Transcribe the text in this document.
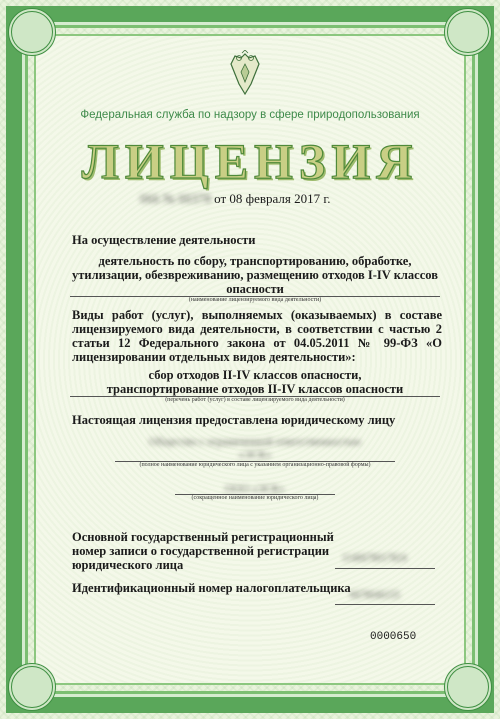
Федеральная служба по надзору в сфере природопользования
ЛИЦЕНЗИЯ
066 № 00378 от 08 февраля 2017 г.
На осуществление деятельности
деятельность по сбору, транспортированию, обработке, утилизации, обезвреживанию, размещению отходов I-IV классов опасности
(наименование лицензируемого вида деятельности)
Виды работ (услуг), выполняемых (оказываемых) в составе лицензируемого вида деятельности, в соответствии с частью 2 статьи 12 Федерального закона от 04.05.2011 № 99-ФЗ «О лицензировании отдельных видов деятельности»:
сбор отходов II-IV классов опасности,
транспортирование отходов II-IV классов опасности
(перечень работ (услуг) в составе лицензируемого вида деятельности)
Настоящая лицензия предоставлена юридическому лицу
Общество с ограниченной ответственностью
«ЭСК»
(полное наименование юридического лица с указанием организационно-правовой формы)
ООО «ЭСК»
(сокращенное наименование юридического лица)
Основной государственный регистрационный номер записи о государственной регистрации юридического лица	1146678017824
Идентификационный номер налогоплательщика
6678046155
0000650
